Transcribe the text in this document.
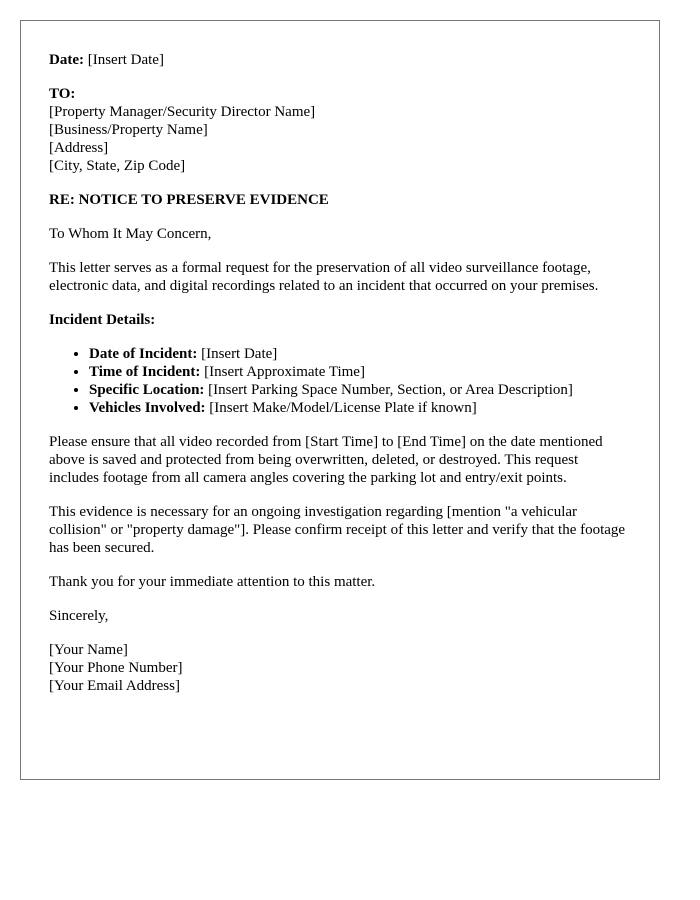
Date: [Insert Date]

TO:
[Property Manager/Security Director Name]
[Business/Property Name]
[Address]
[City, State, Zip Code]

RE: NOTICE TO PRESERVE EVIDENCE

To Whom It May Concern,

This letter serves as a formal request for the preservation of all video surveillance footage, electronic data, and digital recordings related to an incident that occurred on your premises.

Incident Details:

• Date of Incident: [Insert Date]
• Time of Incident: [Insert Approximate Time]
• Specific Location: [Insert Parking Space Number, Section, or Area Description]
• Vehicles Involved: [Insert Make/Model/License Plate if known]

Please ensure that all video recorded from [Start Time] to [End Time] on the date mentioned above is saved and protected from being overwritten, deleted, or destroyed. This request includes footage from all camera angles covering the parking lot and entry/exit points.

This evidence is necessary for an ongoing investigation regarding [mention "a vehicular collision" or "property damage"]. Please confirm receipt of this letter and verify that the footage has been secured.

Thank you for your immediate attention to this matter.

Sincerely,

[Your Name]
[Your Phone Number]
[Your Email Address]
